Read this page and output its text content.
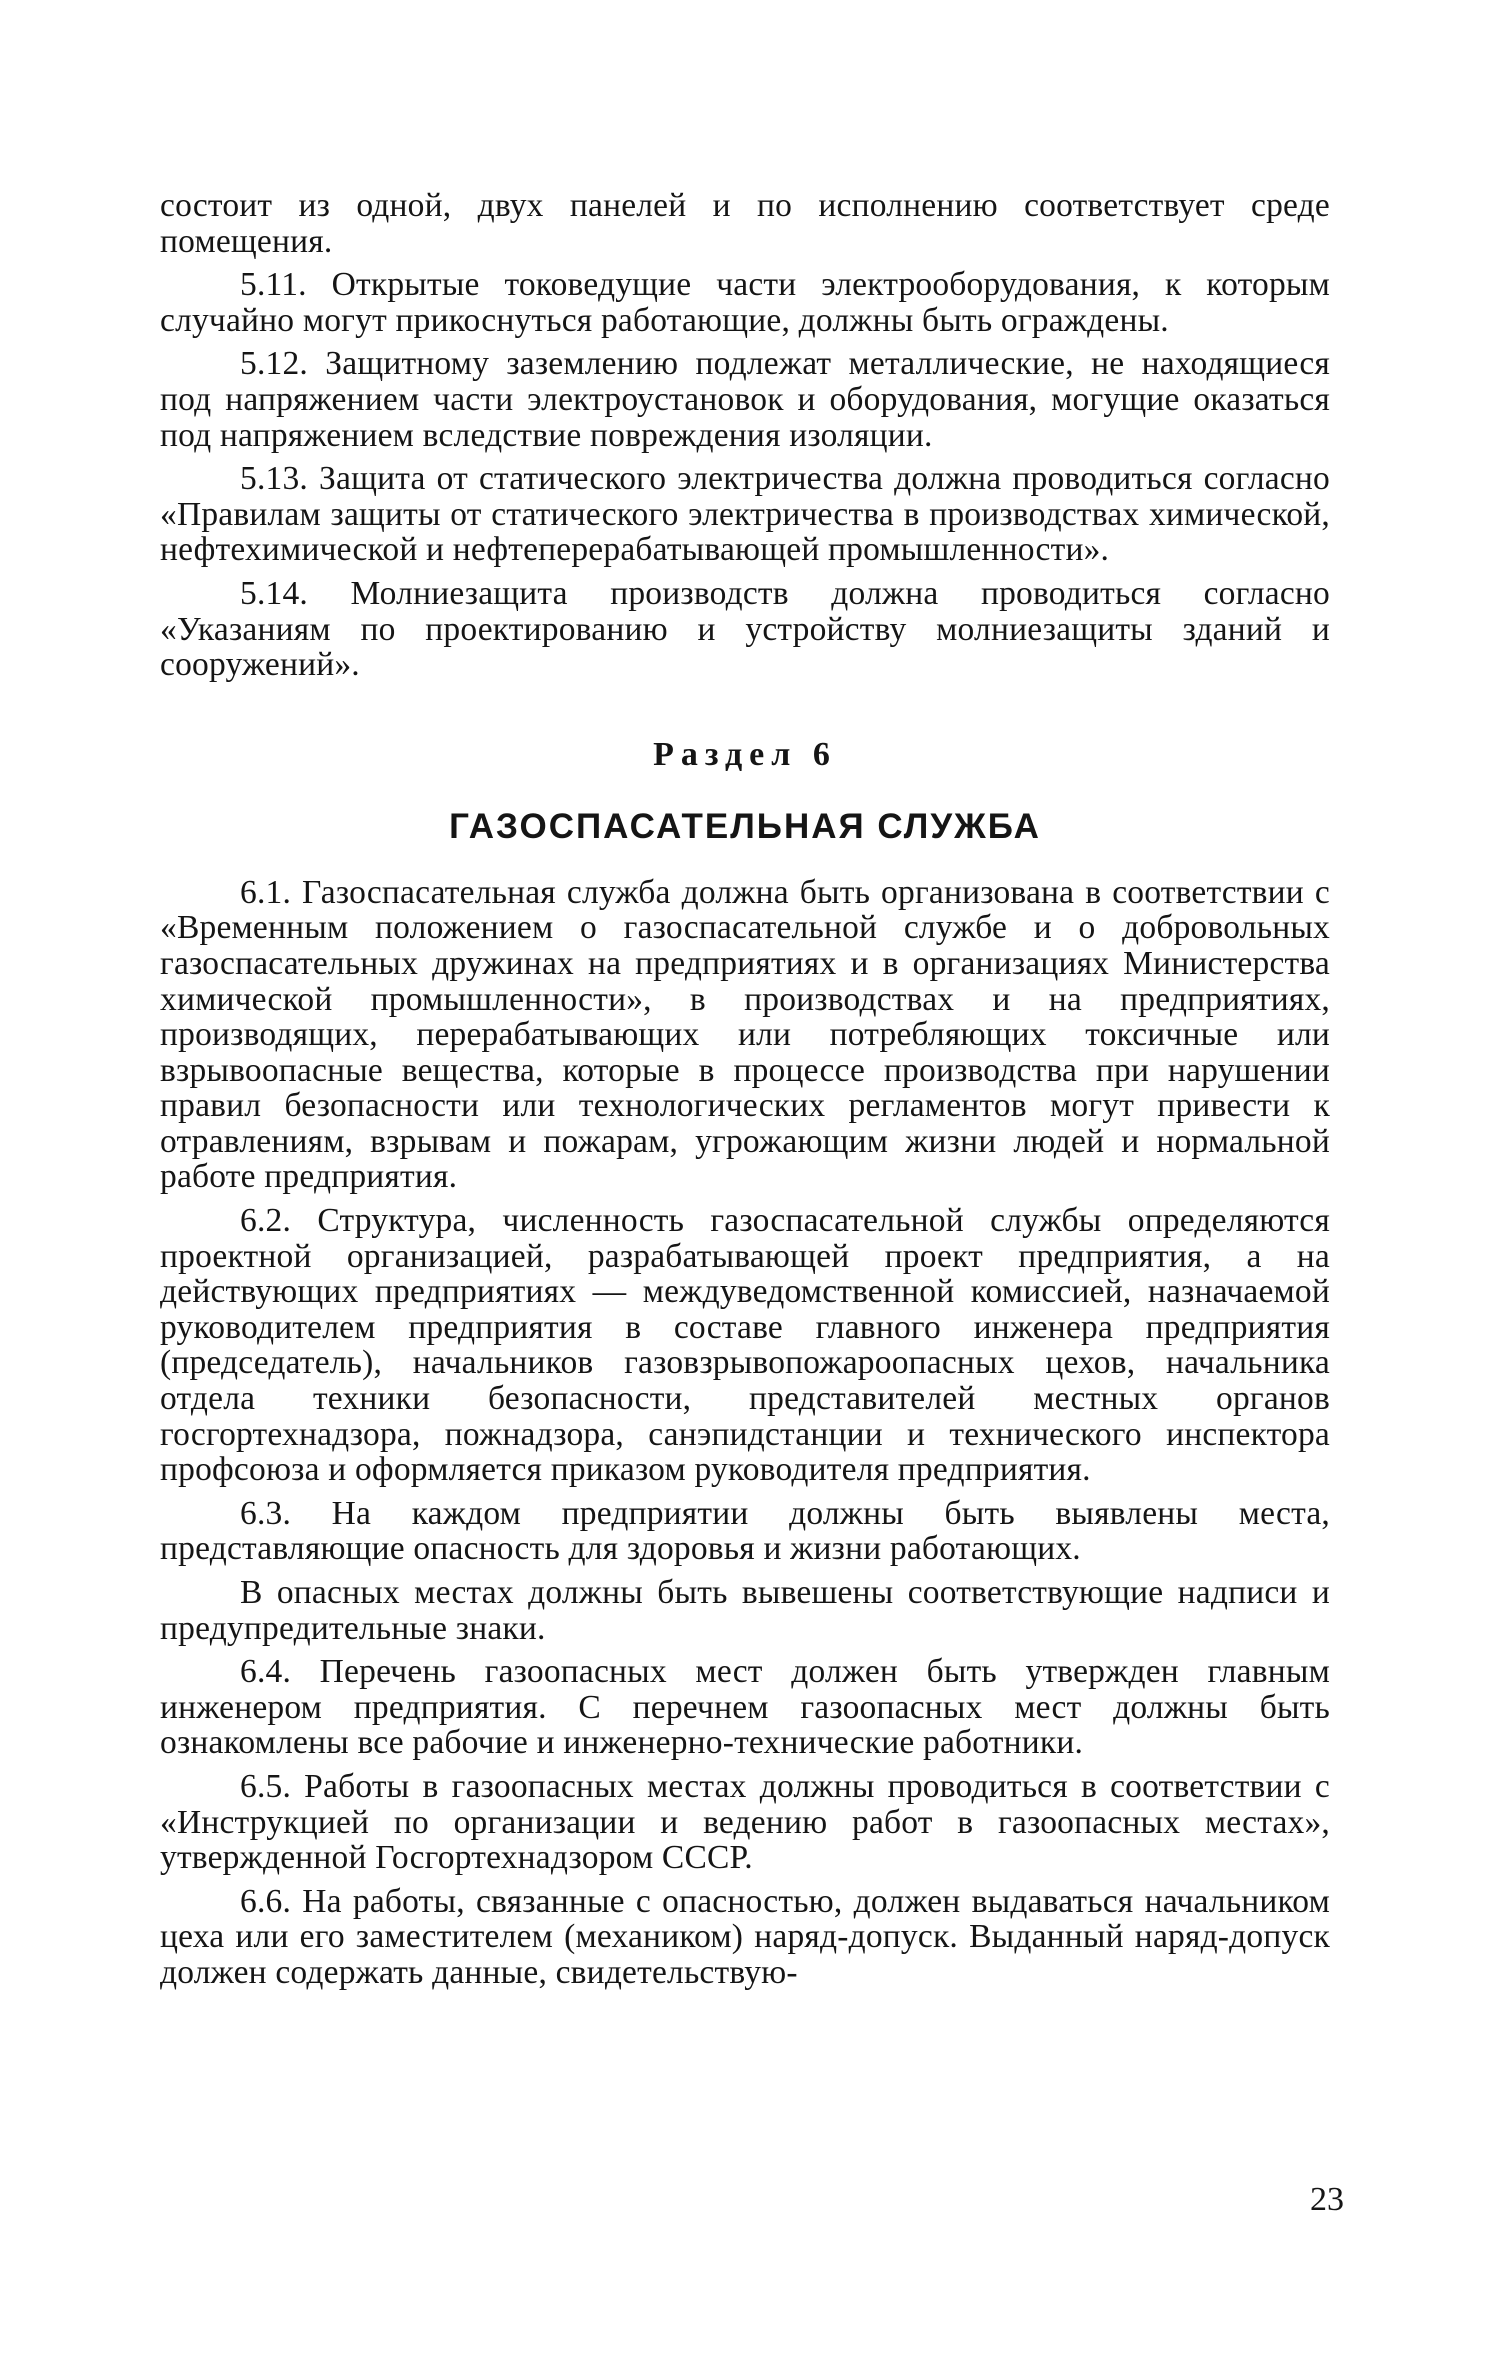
состоит из одной, двух панелей и по исполнению соответствует среде помещения.

5.11. Открытые токоведущие части электрооборудования, к которым случайно могут прикоснуться работающие, должны быть ограждены.

5.12. Защитному заземлению подлежат металлические, не находящиеся под напряжением части электроустановок и оборудования, могущие оказаться под напряжением вследствие повреждения изоляции.

5.13. Защита от статического электричества должна проводиться согласно «Правилам защиты от статического электричества в производствах химической, нефтехимической и нефтеперерабатывающей промышленности».

5.14. Молниезащита производств должна проводиться согласно «Указаниям по проектированию и устройству молниезащиты зданий и сооружений».

Раздел 6
ГАЗОСПАСАТЕЛЬНАЯ СЛУЖБА

6.1. Газоспасательная служба должна быть организована в соответствии с «Временным положением о газоспасательной службе и о добровольных газоспасательных дружинах на предприятиях и в организациях Министерства химической промышленности», в производствах и на предприятиях, производящих, перерабатывающих или потребляющих токсичные или взрывоопасные вещества, которые в процессе производства при нарушении правил безопасности или технологических регламентов могут привести к отравлениям, взрывам и пожарам, угрожающим жизни людей и нормальной работе предприятия.

6.2. Структура, численность газоспасательной службы определяются проектной организацией, разрабатывающей проект предприятия, а на действующих предприятиях — междуведомственной комиссией, назначаемой руководителем предприятия в составе главного инженера предприятия (председатель), начальников газовзрывопожароопасных цехов, начальника отдела техники безопасности, представителей местных органов госгортехнадзора, пожнадзора, санэпидстанции и технического инспектора профсоюза и оформляется приказом руководителя предприятия.

6.3. На каждом предприятии должны быть выявлены места, представляющие опасность для здоровья и жизни работающих.

В опасных местах должны быть вывешены соответствующие надписи и предупредительные знаки.

6.4. Перечень газоопасных мест должен быть утвержден главным инженером предприятия. С перечнем газоопасных мест должны быть ознакомлены все рабочие и инженерно-технические работники.

6.5. Работы в газоопасных местах должны проводиться в соответствии с «Инструкцией по организации и ведению работ в газоопасных местах», утвержденной Госгортехнадзором СССР.

6.6. На работы, связанные с опасностью, должен выдаваться начальником цеха или его заместителем (механиком) наряд-допуск. Выданный наряд-допуск должен содержать данные, свидетельствую-

23
